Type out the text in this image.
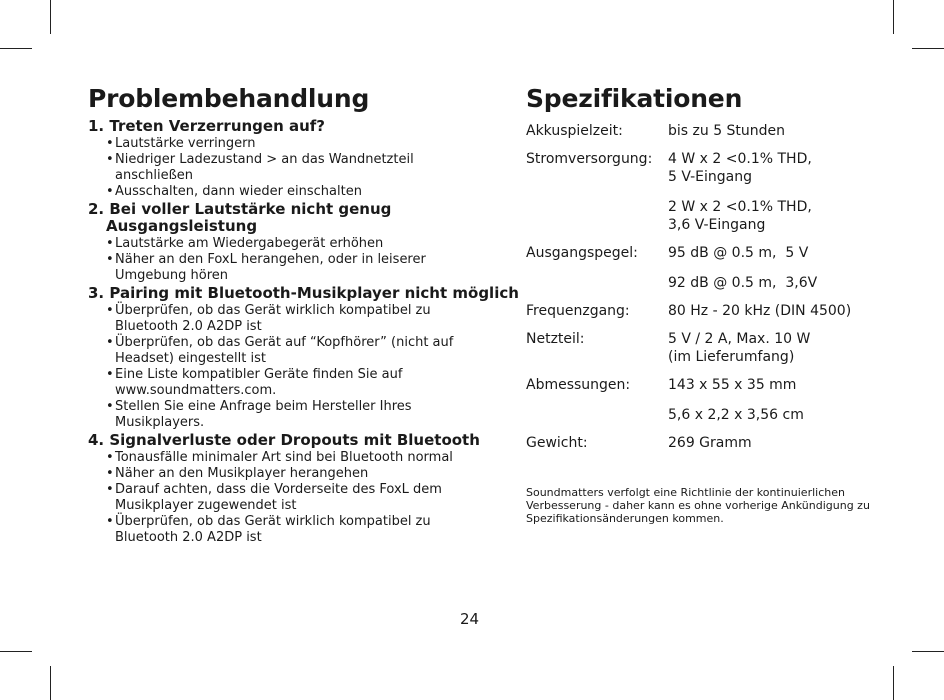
Problembehandlung

1. Treten Verzerrungen auf?

• Lautstärke verringern
• Niedriger Ladezustand > an das Wandnetzteil anschließen
• Ausschalten, dann wieder einschalten

2. Bei voller Lautstärke nicht genug Ausgangsleistung

• Lautstärke am Wiedergabegerät erhöhen
• Näher an den FoxL herangehen, oder in leiserer Umgebung hören

3. Pairing mit Bluetooth-Musikplayer nicht möglich

• Überprüfen, ob das Gerät wirklich kompatibel zu Bluetooth 2.0 A2DP ist
• Überprüfen, ob das Gerät auf “Kopfhörer” (nicht auf Headset) eingestellt ist
• Eine Liste kompatibler Geräte finden Sie auf www.soundmatters.com.
• Stellen Sie eine Anfrage beim Hersteller Ihres Musikplayers.

4. Signalverluste oder Dropouts mit Bluetooth

• Tonausfälle minimaler Art sind bei Bluetooth normal
• Näher an den Musikplayer herangehen
• Darauf achten, dass die Vorderseite des FoxL dem Musikplayer zugewendet ist
• Überprüfen, ob das Gerät wirklich kompatibel zu Bluetooth 2.0 A2DP ist
Spezifikationen
Akkuspielzeit:	bis zu 5 Stunden
Stromversorgung:	4 W x 2 <0.1% THD,
5 V-Eingang
2 W x 2 <0.1% THD,
3,6 V-Eingang
Ausgangspegel:	95 dB @ 0.5 m,  5 V
92 dB @ 0.5 m,  3,6V
Frequenzgang:	80 Hz - 20 kHz (DIN 4500)
Netzteil:	5 V / 2 A, Max. 10 W
(im Lieferumfang)
Abmessungen:	143 x 55 x 35 mm
5,6 x 2,2 x 3,56 cm
Gewicht:	269 Gramm

Soundmatters verfolgt eine Richtlinie der kontinuierlichen Verbesserung - daher kann es ohne vorherige Ankündigung zu Spezifikationsänderungen kommen.

24
